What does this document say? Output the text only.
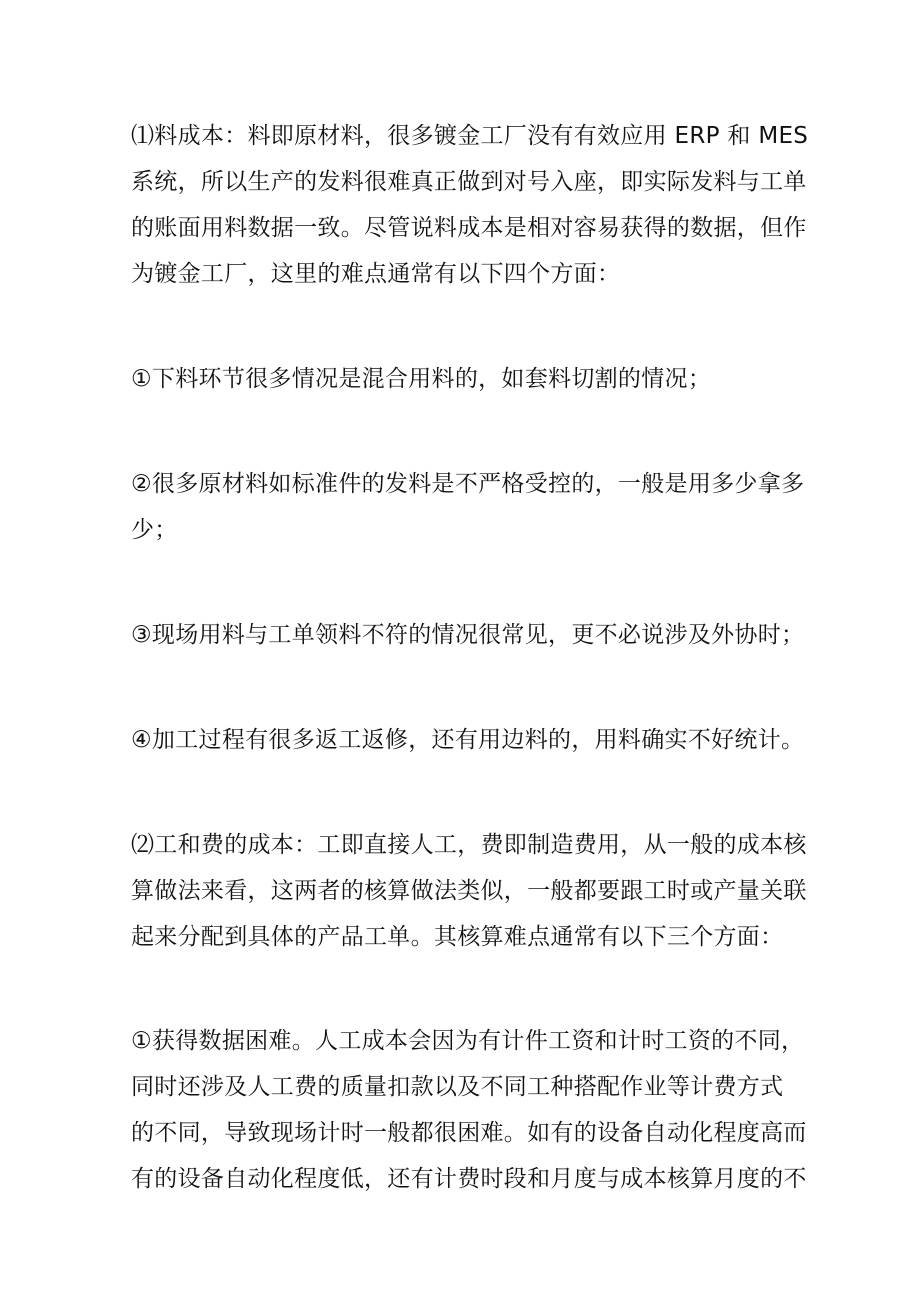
⑴料成本：料即原材料，很多镀金工厂没有有效应用 ERP 和 MES
系统，所以生产的发料很难真正做到对号入座，即实际发料与工单
的账面用料数据一致。尽管说料成本是相对容易获得的数据，但作
为镀金工厂，这里的难点通常有以下四个方面：
①下料环节很多情况是混合用料的，如套料切割的情况；
②很多原材料如标准件的发料是不严格受控的，一般是用多少拿多
少；
③现场用料与工单领料不符的情况很常见，更不必说涉及外协时；
④加工过程有很多返工返修，还有用边料的，用料确实不好统计。
⑵工和费的成本：工即直接人工，费即制造费用，从一般的成本核
算做法来看，这两者的核算做法类似，一般都要跟工时或产量关联
起来分配到具体的产品工单。其核算难点通常有以下三个方面：
①获得数据困难。人工成本会因为有计件工资和计时工资的不同，
同时还涉及人工费的质量扣款以及不同工种搭配作业等计费方式
的不同，导致现场计时一般都很困难。如有的设备自动化程度高而
有的设备自动化程度低，还有计费时段和月度与成本核算月度的不
